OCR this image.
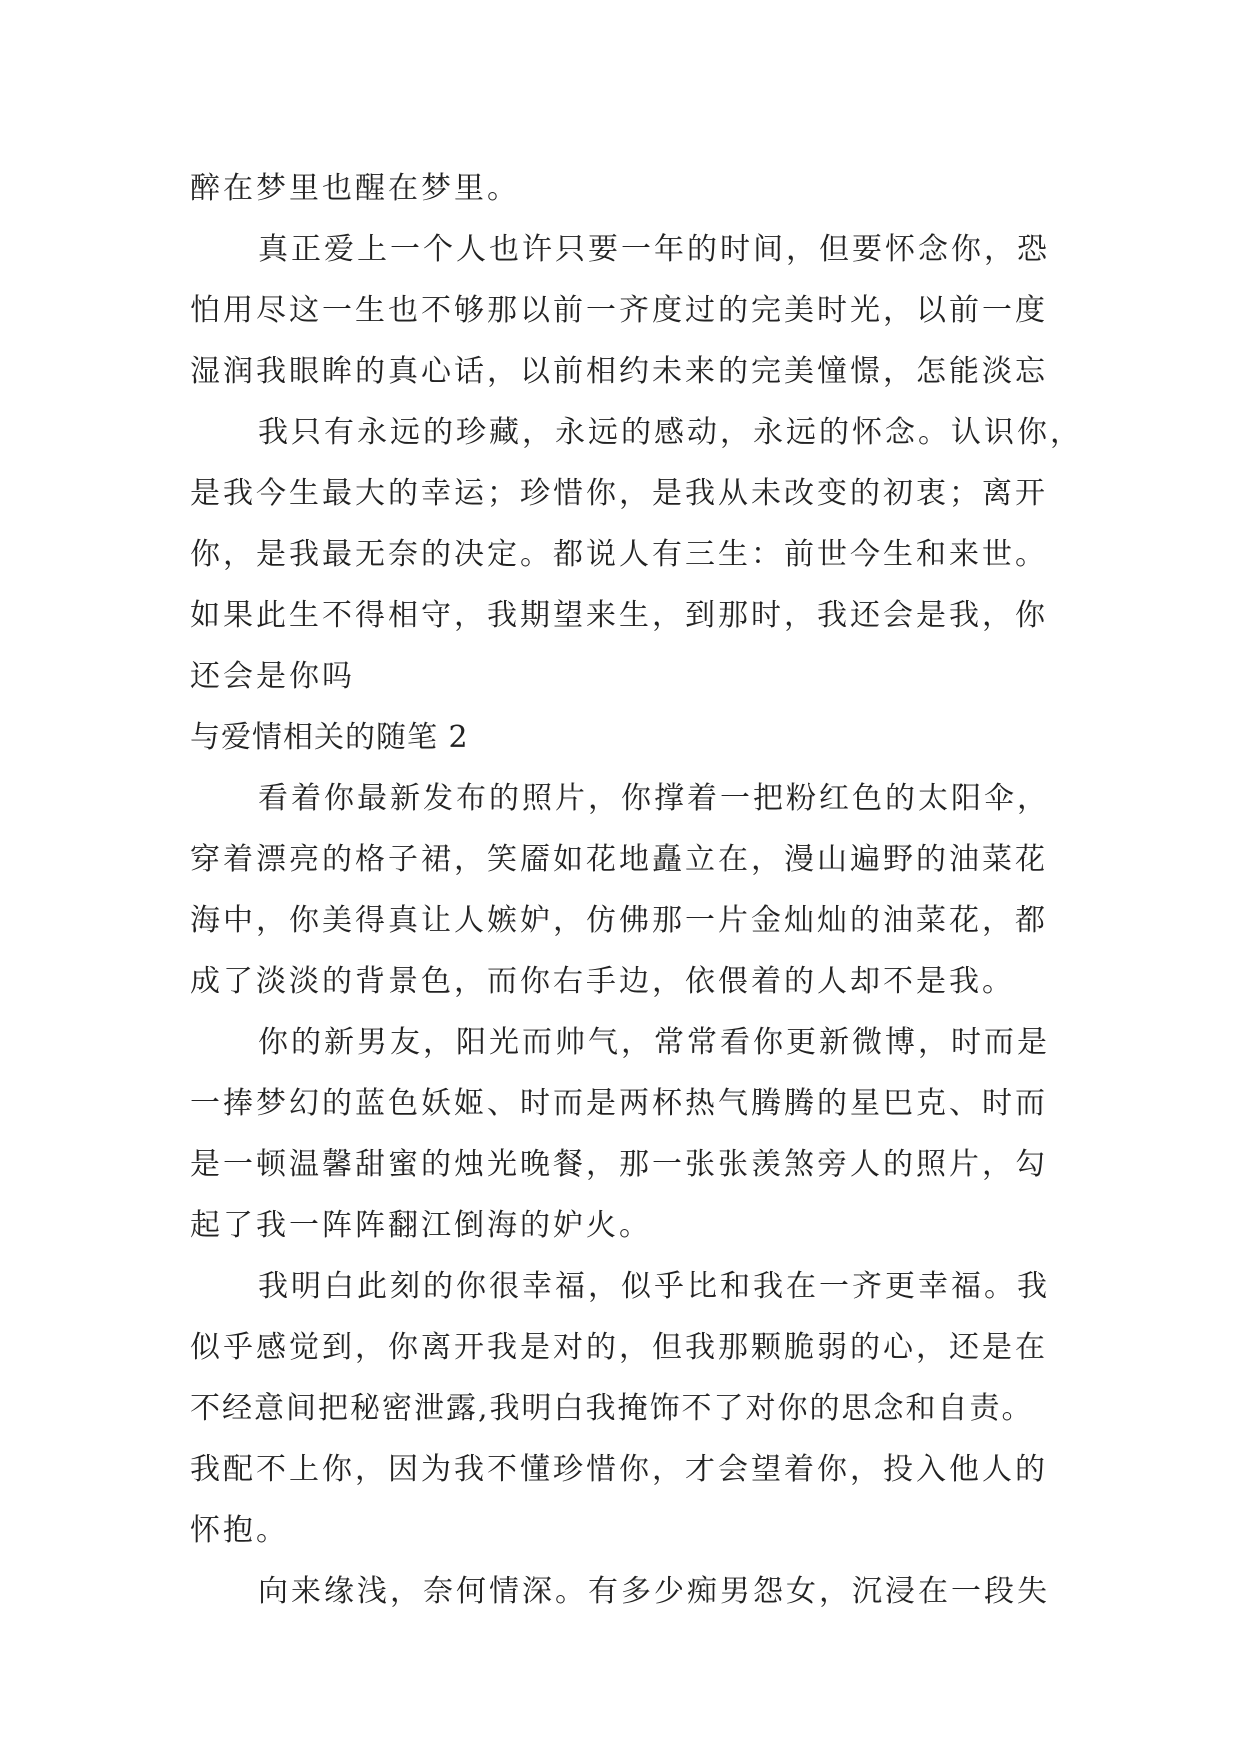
醉在梦里也醒在梦里。
真正爱上一个人也许只要一年的时间，但要怀念你，恐
怕用尽这一生也不够那以前一齐度过的完美时光，以前一度
湿润我眼眸的真心话，以前相约未来的完美憧憬，怎能淡忘
我只有永远的珍藏，永远的感动，永远的怀念。认识你，
是我今生最大的幸运；珍惜你，是我从未改变的初衷；离开
你，是我最无奈的决定。都说人有三生：前世今生和来世。
如果此生不得相守，我期望来生，到那时，我还会是我，你
还会是你吗
与爱情相关的随笔 2
看着你最新发布的照片，你撑着一把粉红色的太阳伞，
穿着漂亮的格子裙，笑靥如花地矗立在，漫山遍野的油菜花
海中，你美得真让人嫉妒，仿佛那一片金灿灿的油菜花，都
成了淡淡的背景色，而你右手边，依偎着的人却不是我。
你的新男友，阳光而帅气，常常看你更新微博，时而是
一捧梦幻的蓝色妖姬、时而是两杯热气腾腾的星巴克、时而
是一顿温馨甜蜜的烛光晚餐，那一张张羡煞旁人的照片，勾
起了我一阵阵翻江倒海的妒火。
我明白此刻的你很幸福，似乎比和我在一齐更幸福。我
似乎感觉到，你离开我是对的，但我那颗脆弱的心，还是在
不经意间把秘密泄露,我明白我掩饰不了对你的思念和自责。
我配不上你，因为我不懂珍惜你，才会望着你，投入他人的
怀抱。
向来缘浅，奈何情深。有多少痴男怨女，沉浸在一段失
